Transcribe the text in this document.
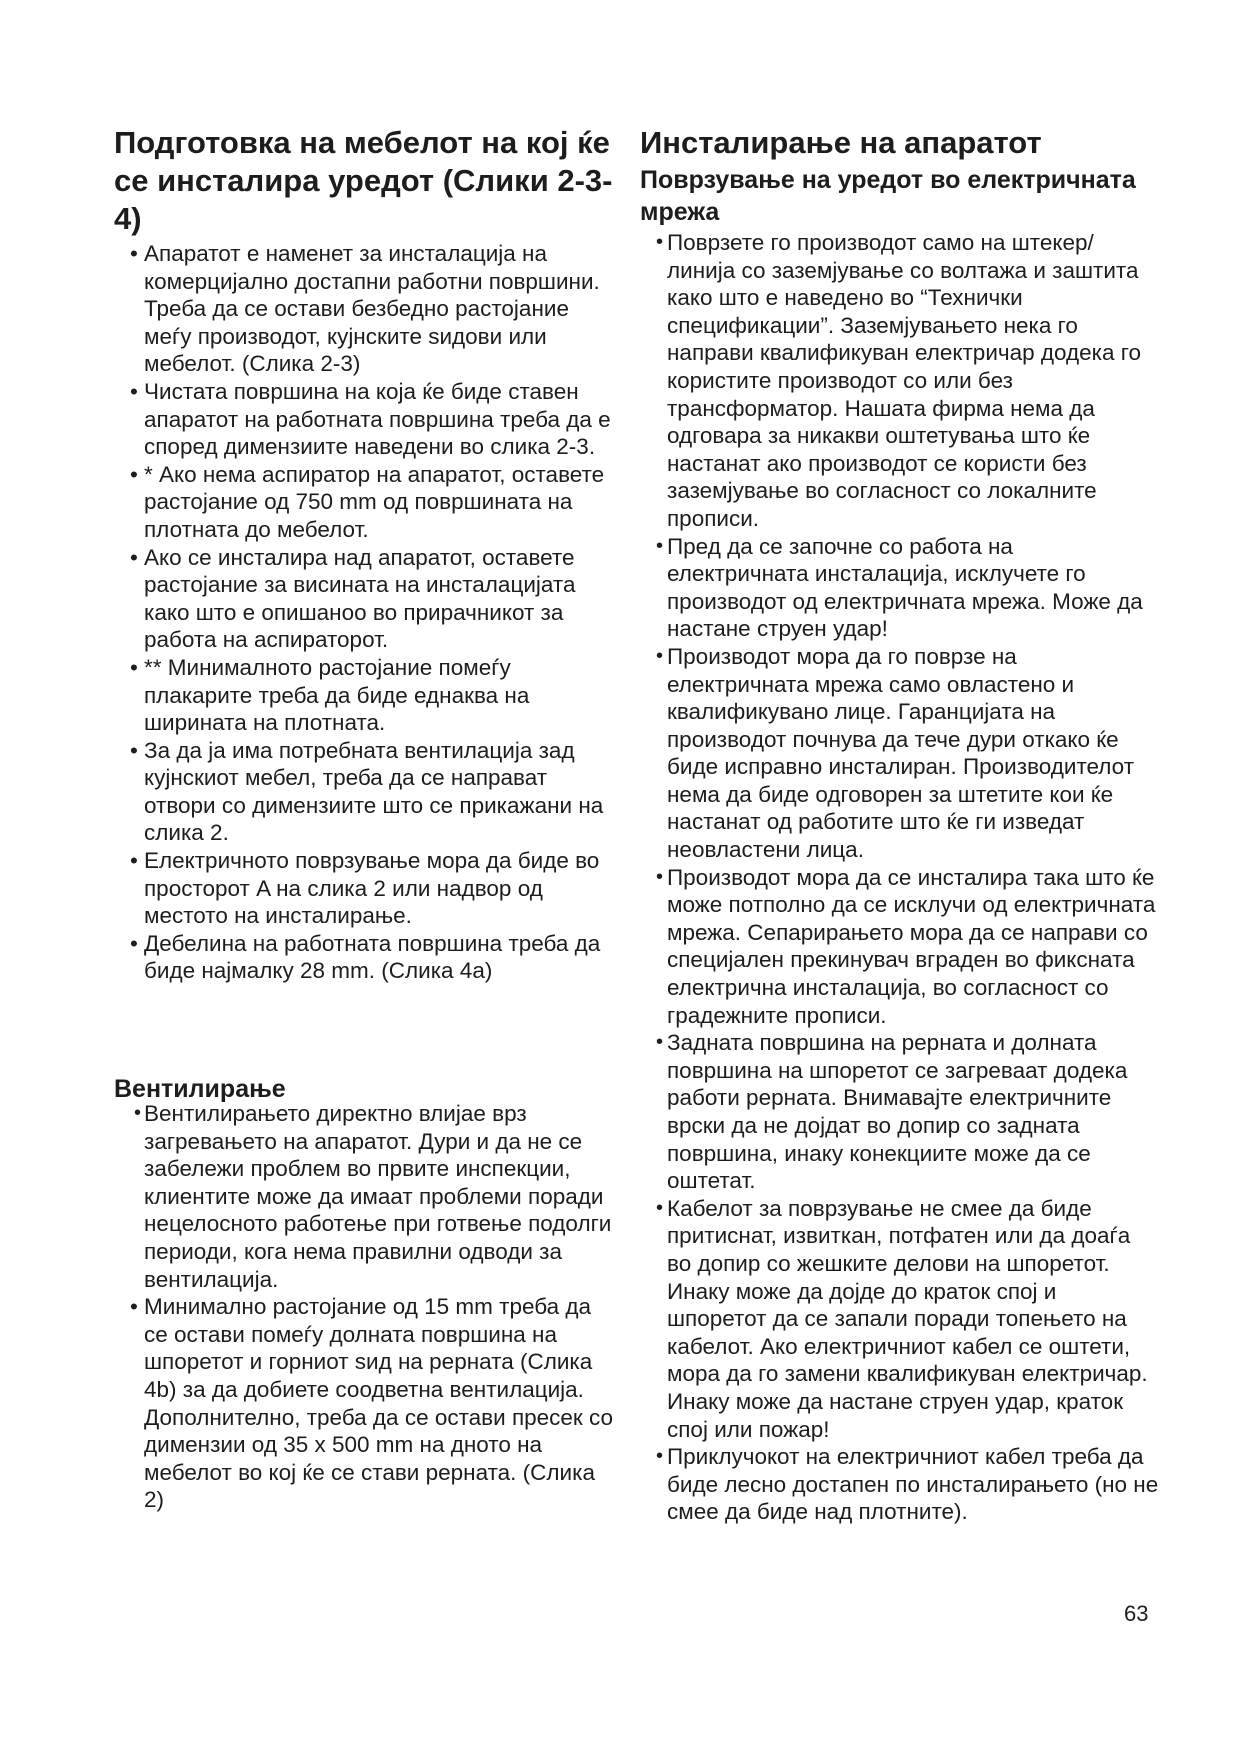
Подготовка на мебелот на кој ќе се инсталира уредот (Слики 2-3-4)
• Апаратот е наменет за инсталација на комерцијално достапни работни површини. Треба да се остави безбедно растојание меѓу производот, кујнските ѕидови или мебелот. (Слика 2-3)
• Чистата површина на која ќе биде ставен апаратот на работната површина треба да е според димензиите наведени во слика 2-3.
• * Ако нема аспиратор на апаратот, оставете растојание од 750 mm од површината на плотната до мебелот.
• Ако се инсталира над апаратот, оставете растојание за висината на инсталацијата како што е опишаноо во прирачникот за работа на аспираторот.
• ** Минималното растојание помеѓу плакарите треба да биде еднаква на ширината на плотната.
• За да ја има потребната вентилација зад кујнскиот мебел, треба да се направат отвори со димензиите што се прикажани на слика 2.
• Електричното поврзување мора да биде во просторот A на слика 2 или надвор од местото на инсталирање.
• Дебелина на работната површина треба да биде најмалку 28 mm. (Слика 4a)
Вентилирање
• Вентилирањето директно влијае врз загревањето на апаратот. Дури и да не се забележи проблем во првите инспекции, клиентите може да имаат проблеми поради нецелосното работење при готвење подолги периоди, кога нема правилни одводи за вентилација.
• Минимално растојание од 15 mm треба да се остави помеѓу долната површина на шпоретот и горниот ѕид на рерната (Слика 4b) за да добиете соодветна вентилација. Дополнително, треба да се остави пресек со димензии од 35 x 500 mm на дното на мебелот во кој ќе се стави рерната. (Слика 2)
Инсталирање на апаратот
Поврзување на уредот во електричната мрежа
• Поврзете го производот само на штекер/линија со заземјување со волтажа и заштита како што е наведено во “Технички спецификации”. Заземјувањето нека го направи квалификуван електричар додека го користите производот со или без трансформатор. Нашата фирма нема да одговара за никакви оштетувања што ќе настанат ако производот се користи без заземјување во согласност со локалните прописи.
• Пред да се започне со работа на електричната инсталација, исклучете го производот од електричната мрежа. Може да настане струен удар!
• Производот мора да го поврзе на електричната мрежа само овластено и квалификувано лице. Гаранцијата на производот почнува да тече дури откако ќе биде исправно инсталиран. Производителот нема да биде одговорен за штетите кои ќе настанат од работите што ќе ги изведат неовластени лица.
• Производот мора да се инсталира така што ќе може потполно да се исклучи од електричната мрежа. Сепарирањето мора да се направи со специјален прекинувач вграден во фиксната електрична инсталација, во согласност со градежните прописи.
• Задната површина на рерната и долната површина на шпоретот се загреваат додека работи рерната. Внимавајте електричните врски да не дојдат во допир со задната површина, инаку конекциите може да се оштетат.
• Кабелот за поврзување не смее да биде притиснат, извиткан, потфатен или да доаѓа во допир со жешките делови на шпоретот. Инаку може да дојде до краток спој и шпоретот да се запали поради топењето на кабелот. Ако електричниот кабел се оштети, мора да го замени квалификуван електричар. Инаку може да настане струен удар, краток спој или пожар!
• Приклучокот на електричниот кабел треба да биде лесно достапен по инсталирањето (но не смее да биде над плотните).
63
